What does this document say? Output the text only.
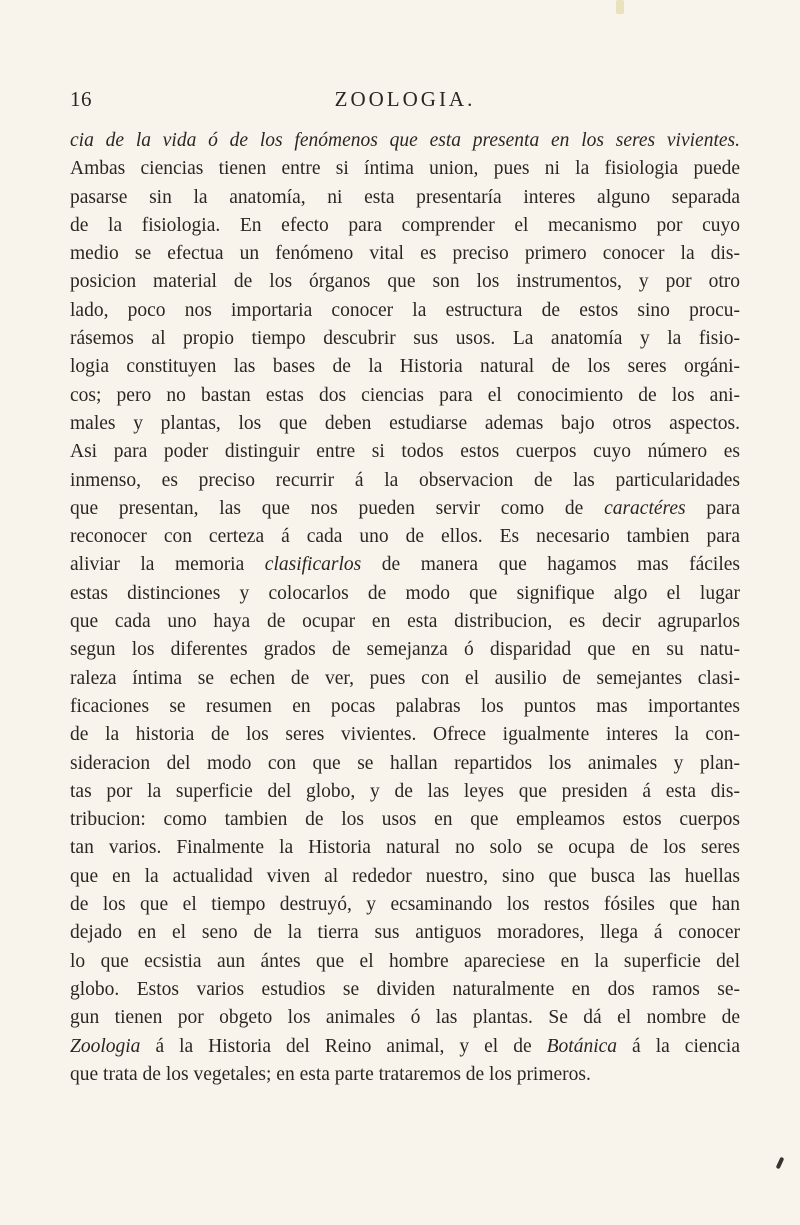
16	ZOOLOGIA.
cia de la vida ó de los fenómenos que esta presenta en los seres vivientes.
Ambas ciencias tienen entre si íntima union, pues ni la fisiologia puede
pasarse sin la anatomía, ni esta presentaría interes alguno separada
de la fisiologia. En efecto para comprender el mecanismo por cuyo
medio se efectua un fenómeno vital es preciso primero conocer la dis-
posicion material de los órganos que son los instrumentos, y por otro
lado, poco nos importaria conocer la estructura de estos sino procu-
rásemos al propio tiempo descubrir sus usos. La anatomía y la fisio-
logia constituyen las bases de la Historia natural de los seres orgáni-
cos; pero no bastan estas dos ciencias para el conocimiento de los ani-
males y plantas, los que deben estudiarse ademas bajo otros aspectos.
Asi para poder distinguir entre si todos estos cuerpos cuyo número es
inmenso, es preciso recurrir á la observacion de las particularidades
que presentan, las que nos pueden servir como de caractéres para
reconocer con certeza á cada uno de ellos. Es necesario tambien para
aliviar la memoria clasificarlos de manera que hagamos mas fáciles
estas distinciones y colocarlos de modo que signifique algo el lugar
que cada uno haya de ocupar en esta distribucion, es decir agruparlos
segun los diferentes grados de semejanza ó disparidad que en su natu-
raleza íntima se echen de ver, pues con el ausilio de semejantes clasi-
ficaciones se resumen en pocas palabras los puntos mas importantes
de la historia de los seres vivientes. Ofrece igualmente interes la con-
sideracion del modo con que se hallan repartidos los animales y plan-
tas por la superficie del globo, y de las leyes que presiden á esta dis-
tribucion: como tambien de los usos en que empleamos estos cuerpos
tan varios. Finalmente la Historia natural no solo se ocupa de los seres
que en la actualidad viven al rededor nuestro, sino que busca las huellas
de los que el tiempo destruyó, y ecsaminando los restos fósiles que han
dejado en el seno de la tierra sus antiguos moradores, llega á conocer
lo que ecsistia aun ántes que el hombre apareciese en la superficie del
globo. Estos varios estudios se dividen naturalmente en dos ramos se-
gun tienen por obgeto los animales ó las plantas. Se dá el nombre de
Zoologia á la Historia del Reino animal, y el de Botánica á la ciencia
que trata de los vegetales; en esta parte trataremos de los primeros.
